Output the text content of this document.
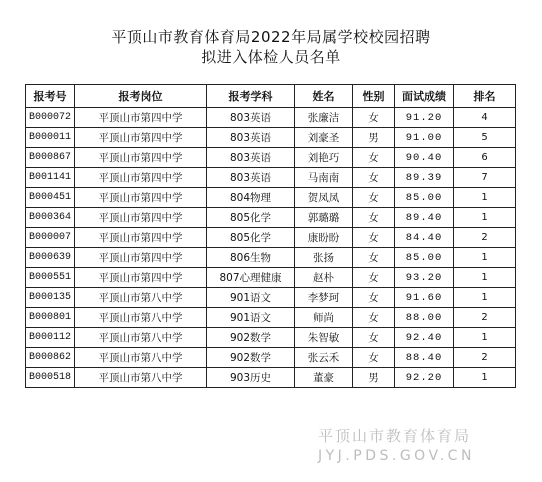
平顶山市教育体育局2022年局属学校校园招聘
拟进入体检人员名单
报考号	报考岗位	报考学科	姓名	性别	面试成绩	排名
B000072	平顶山市第四中学	803英语	张廉洁	女	91.20	4
B000011	平顶山市第四中学	803英语	刘豪圣	男	91.00	5
B000867	平顶山市第四中学	803英语	刘艳巧	女	90.40	6
B001141	平顶山市第四中学	803英语	马南南	女	89.39	7
B000451	平顶山市第四中学	804物理	贺凤凤	女	85.00	1
B000364	平顶山市第四中学	805化学	郭璐璐	女	89.40	1
B000007	平顶山市第四中学	805化学	康盼盼	女	84.40	2
B000639	平顶山市第四中学	806生物	张扬	女	85.00	1
B000551	平顶山市第四中学	807心理健康	赵朴	女	93.20	1
B000135	平顶山市第八中学	901语文	李梦珂	女	91.60	1
B000801	平顶山市第八中学	901语文	师尚	女	88.00	2
B000112	平顶山市第八中学	902数学	朱智敏	女	92.40	1
B000862	平顶山市第八中学	902数学	张云禾	女	88.40	2
B000518	平顶山市第八中学	903历史	董豪	男	92.20	1
平顶山市教育体育局
JYJ.PDS.GOV.CN
